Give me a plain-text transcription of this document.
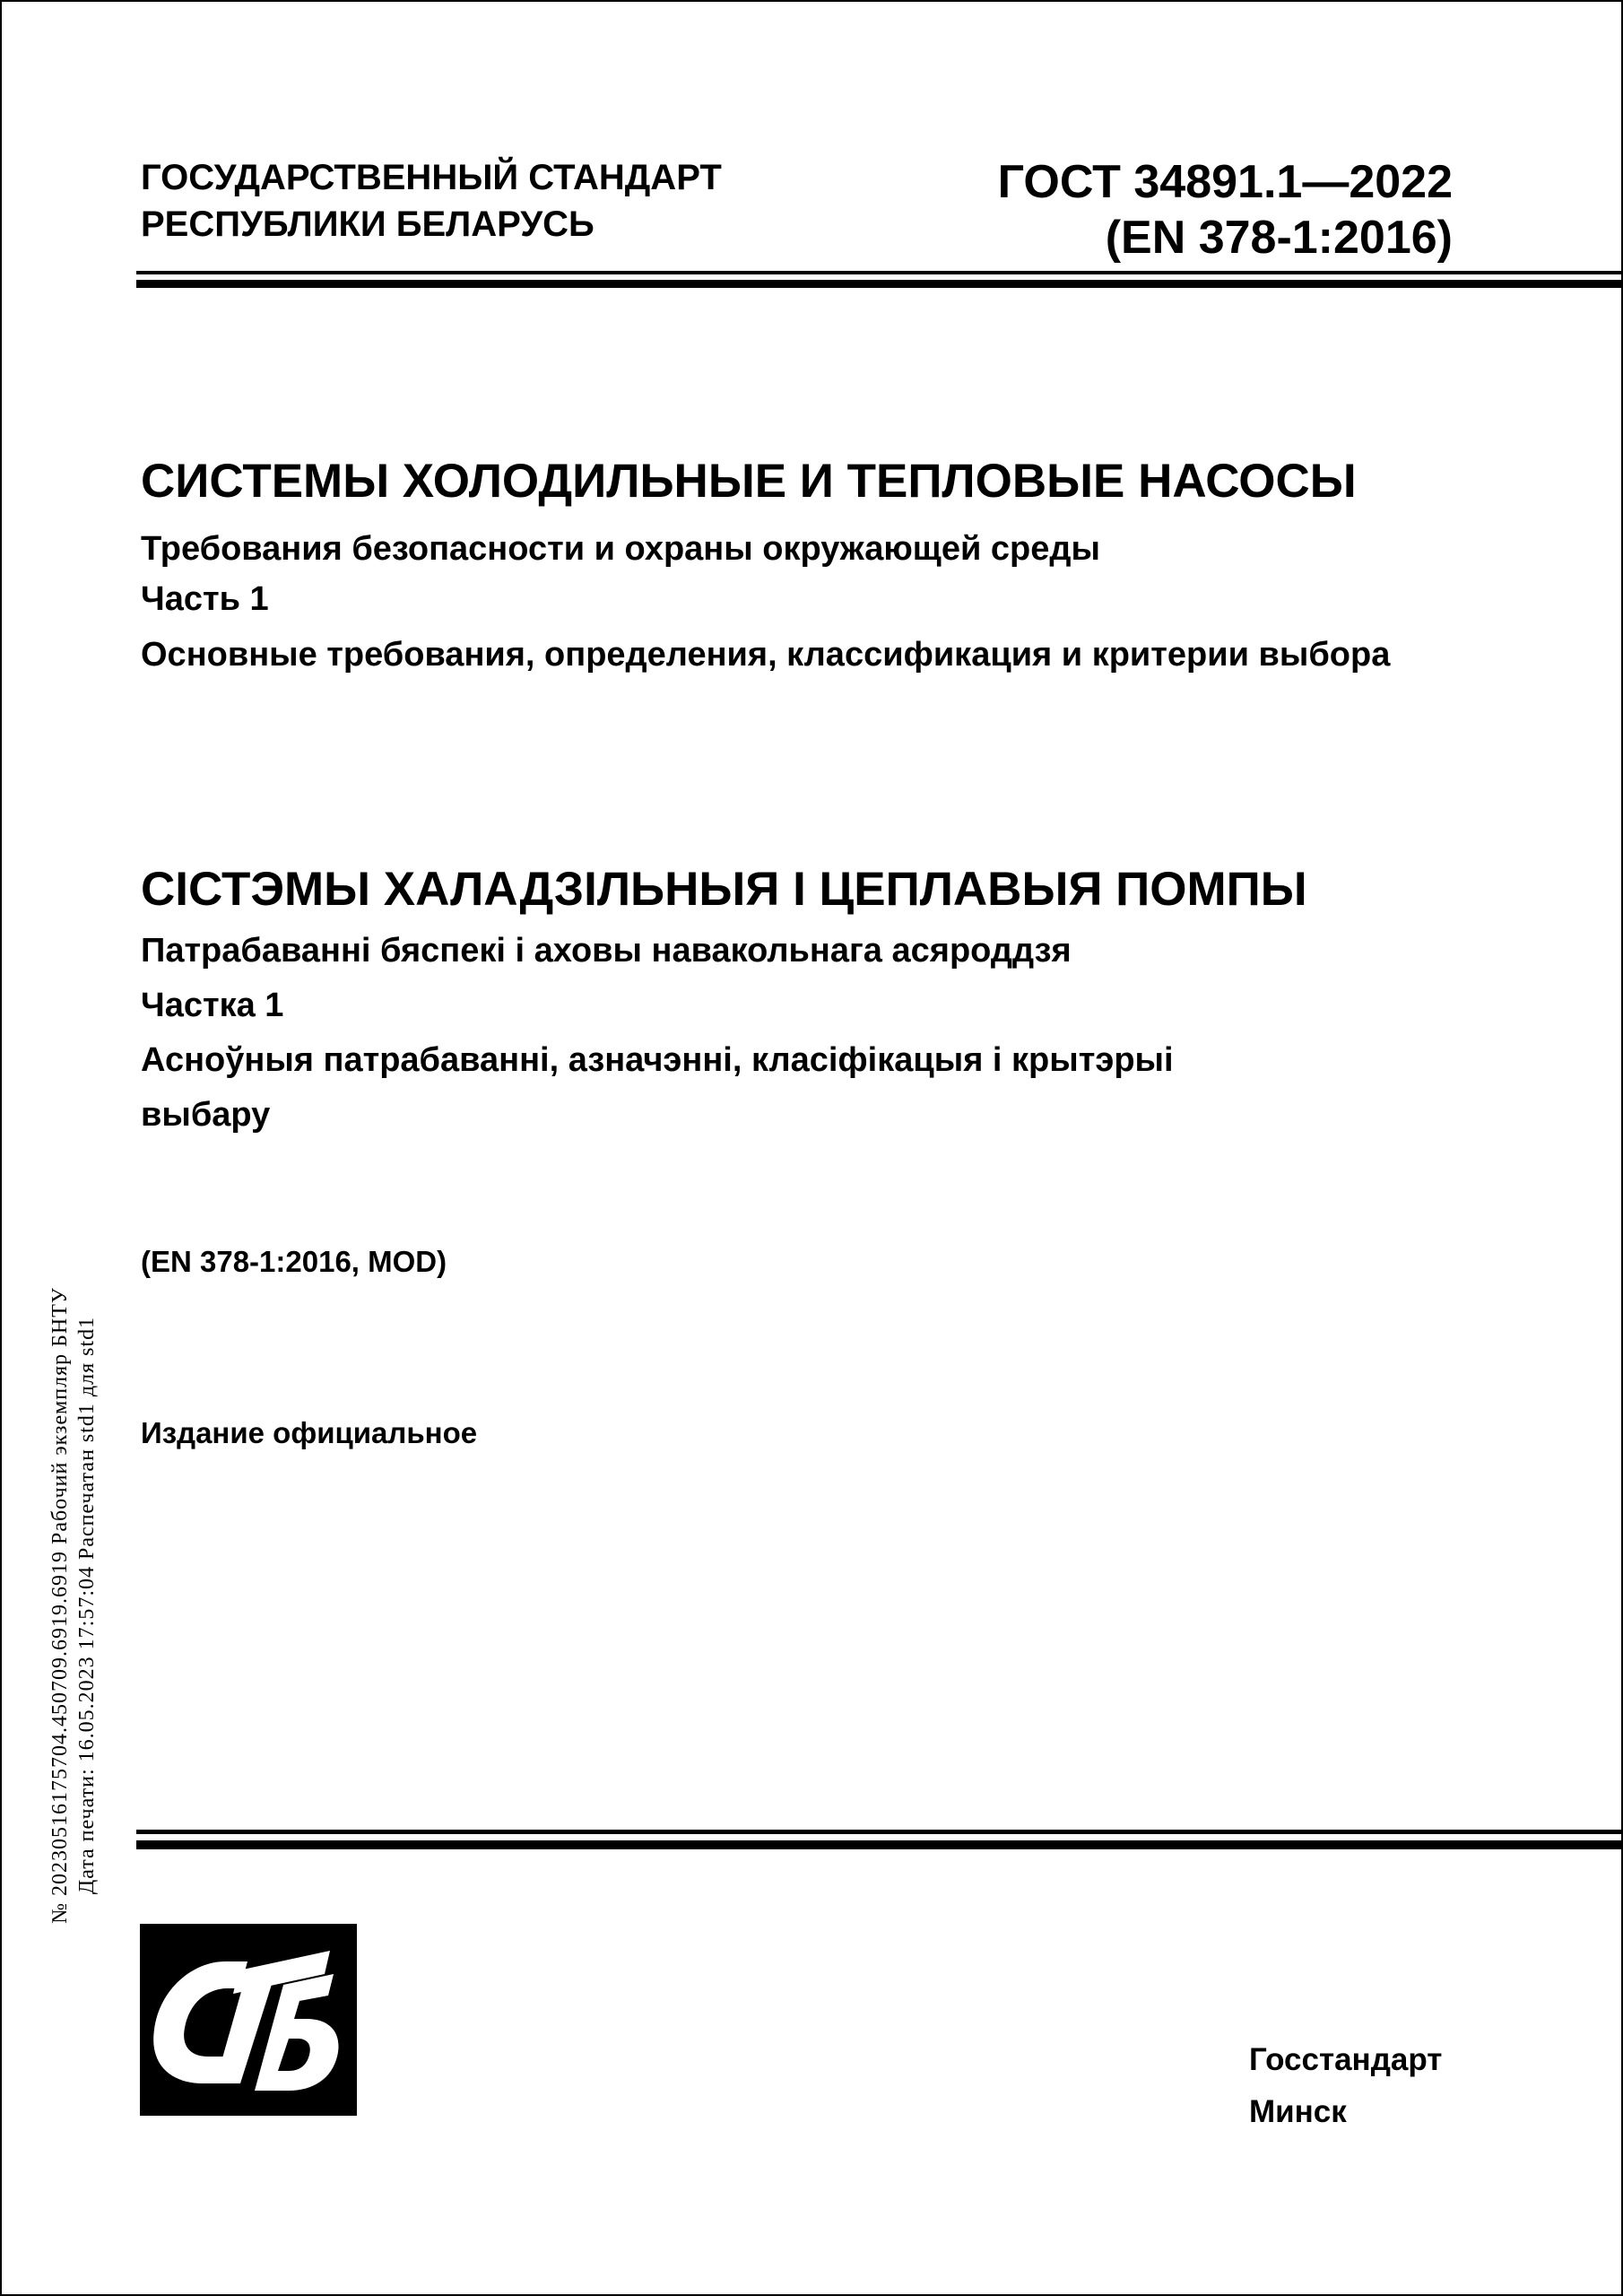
ГОСУДАРСТВЕННЫЙ СТАНДАРТ
РЕСПУБЛИКИ БЕЛАРУСЬ
ГОСТ 34891.1—2022
(EN 378-1:2016)
СИСТЕМЫ ХОЛОДИЛЬНЫЕ И ТЕПЛОВЫЕ НАСОСЫ

Требования безопасности и охраны окружающей среды

Часть 1

Основные требования, определения, классификация и критерии выбора

СІСТЭМЫ ХАЛАДЗІЛЬНЫЯ І ЦЕПЛАВЫЯ ПОМПЫ

Патрабаванні бяспекі і аховы навакольнага асяроддзя

Частка 1

Асноўныя патрабаванні, азначэнні, класіфікацыя і крытэрыі

выбару

(EN 378-1:2016, MOD)
Издание официальное
№ 20230516175704.450709.6919.6919 Рабочий экземпляр БНТУ Дата печати: 16.05.2023 17:57:04 Распечатан std1 для std1
Госстандарт
Минск
